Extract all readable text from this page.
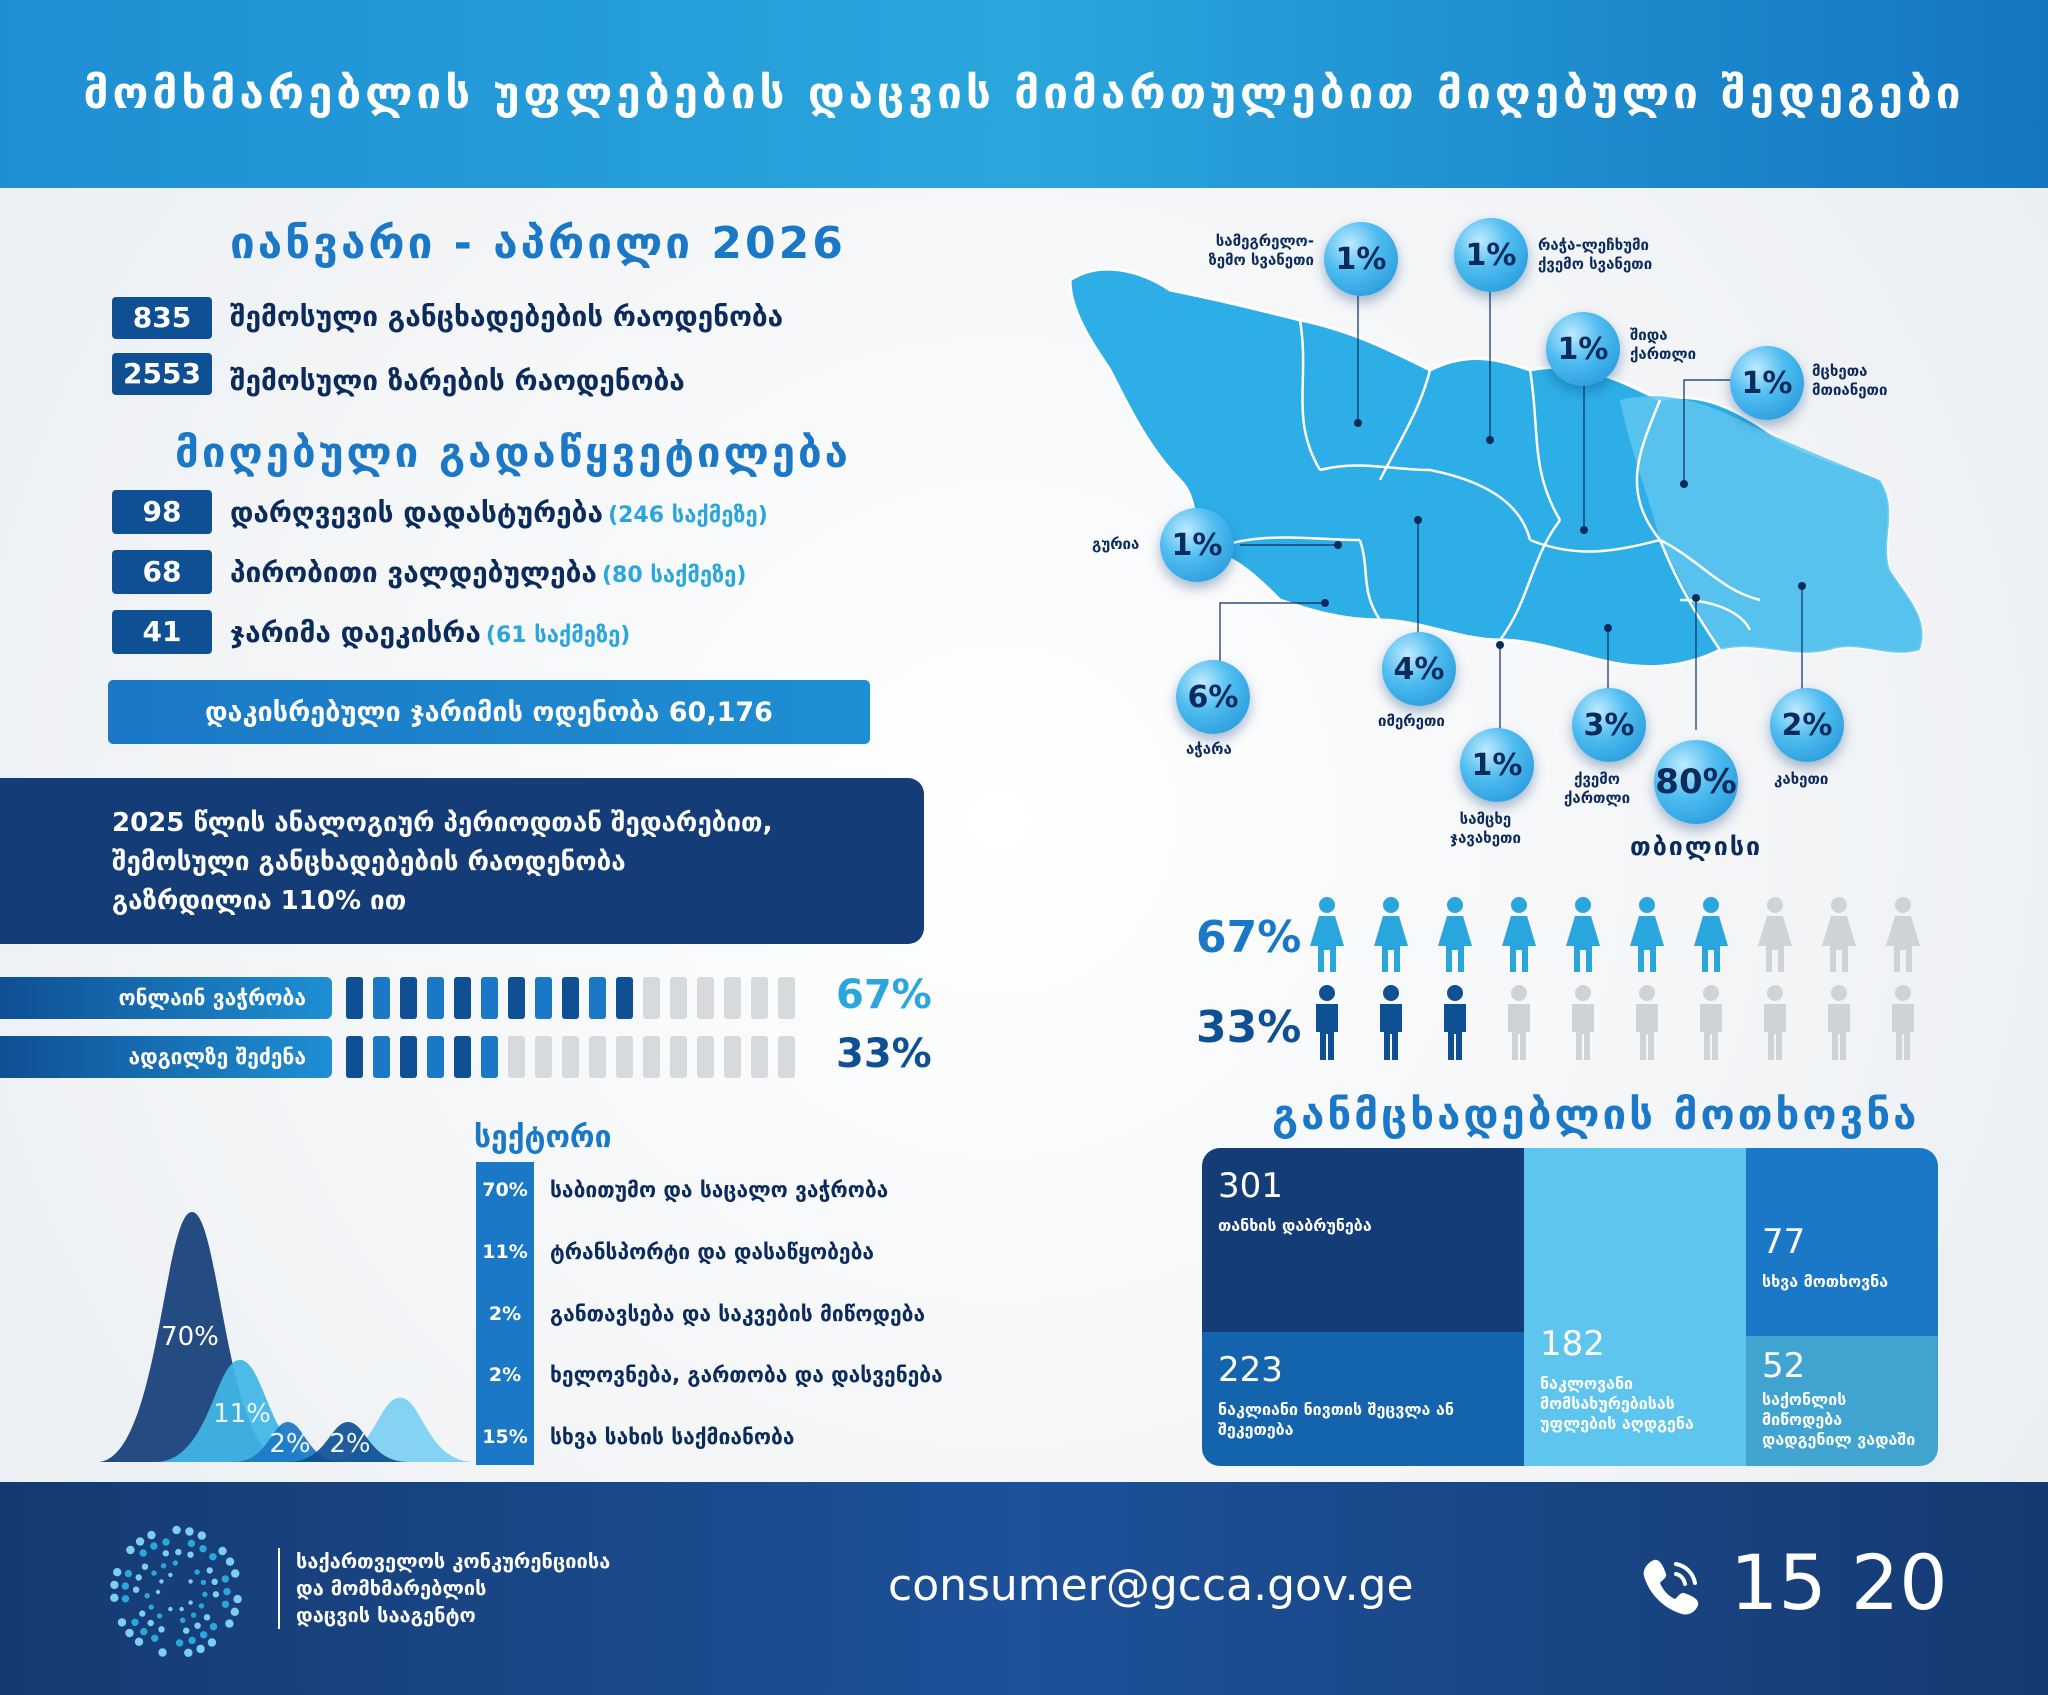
მომხმარებლის უფლებების დაცვის მიმართულებით მიღებული შედეგები
იანვარი - აპრილი 2026
835	შემოსული განცხადებების რაოდენობა
2553	შემოსული ზარების რაოდენობა
მიღებული გადაწყვეტილება
98	დარღვევის დადასტურება (246 საქმეზე)
68	პირობითი ვალდებულება (80 საქმეზე)
41	ჯარიმა დაეკისრა (61 საქმეზე)
დაკისრებული ჯარიმის ოდენობა 60,176
2025 წლის ანალოგიურ პერიოდთან შედარებით,
შემოსული განცხადებების რაოდენობა
გაზრდილია 110% ით
ონლაინ ვაჭრობა	67%
ადგილზე შეძენა	33%
სექტორი
70% საბითუმო და საცალო ვაჭრობა
11% ტრანსპორტი და დასაწყობება
2%	განთავსება და საკვების მიწოდება
2%	ხელოვნება, გართობა და დასვენება
15% სხვა სახის საქმიანობა
70%
11%
2% 2%
15%
1%
სამეგრელო-
ზემო სვანეთი	1%	რაჭა-ლეჩხუმი
ქვემო სვანეთი
1%	შიდა
ქართლი
1%	მცხეთა
მთიანეთი
1%
გურია
6%
აჭარა
4%
იმერეთი
1%
სამცხე
ჯავახეთი
3%
ქვემო
ქართლი 80%
თბილისი
2%
კახეთი
67%
33%
განმცხადებლის მოთხოვნა
301
თანხის დაბრუნება
223
ნაკლიანი ნივთის შეცვლა ან შეკეთება
182
ნაკლოვანი მომსახურებისას უფლების აღდგენა
77
სხვა მოთხოვნა
52
საქონლის მიწოდება დადგენილ ვადაში
საქართველოს კონკურენციისა
და მომხმარებლის
დაცვის სააგენტო
consumer@gcca.gov.ge	15 20
